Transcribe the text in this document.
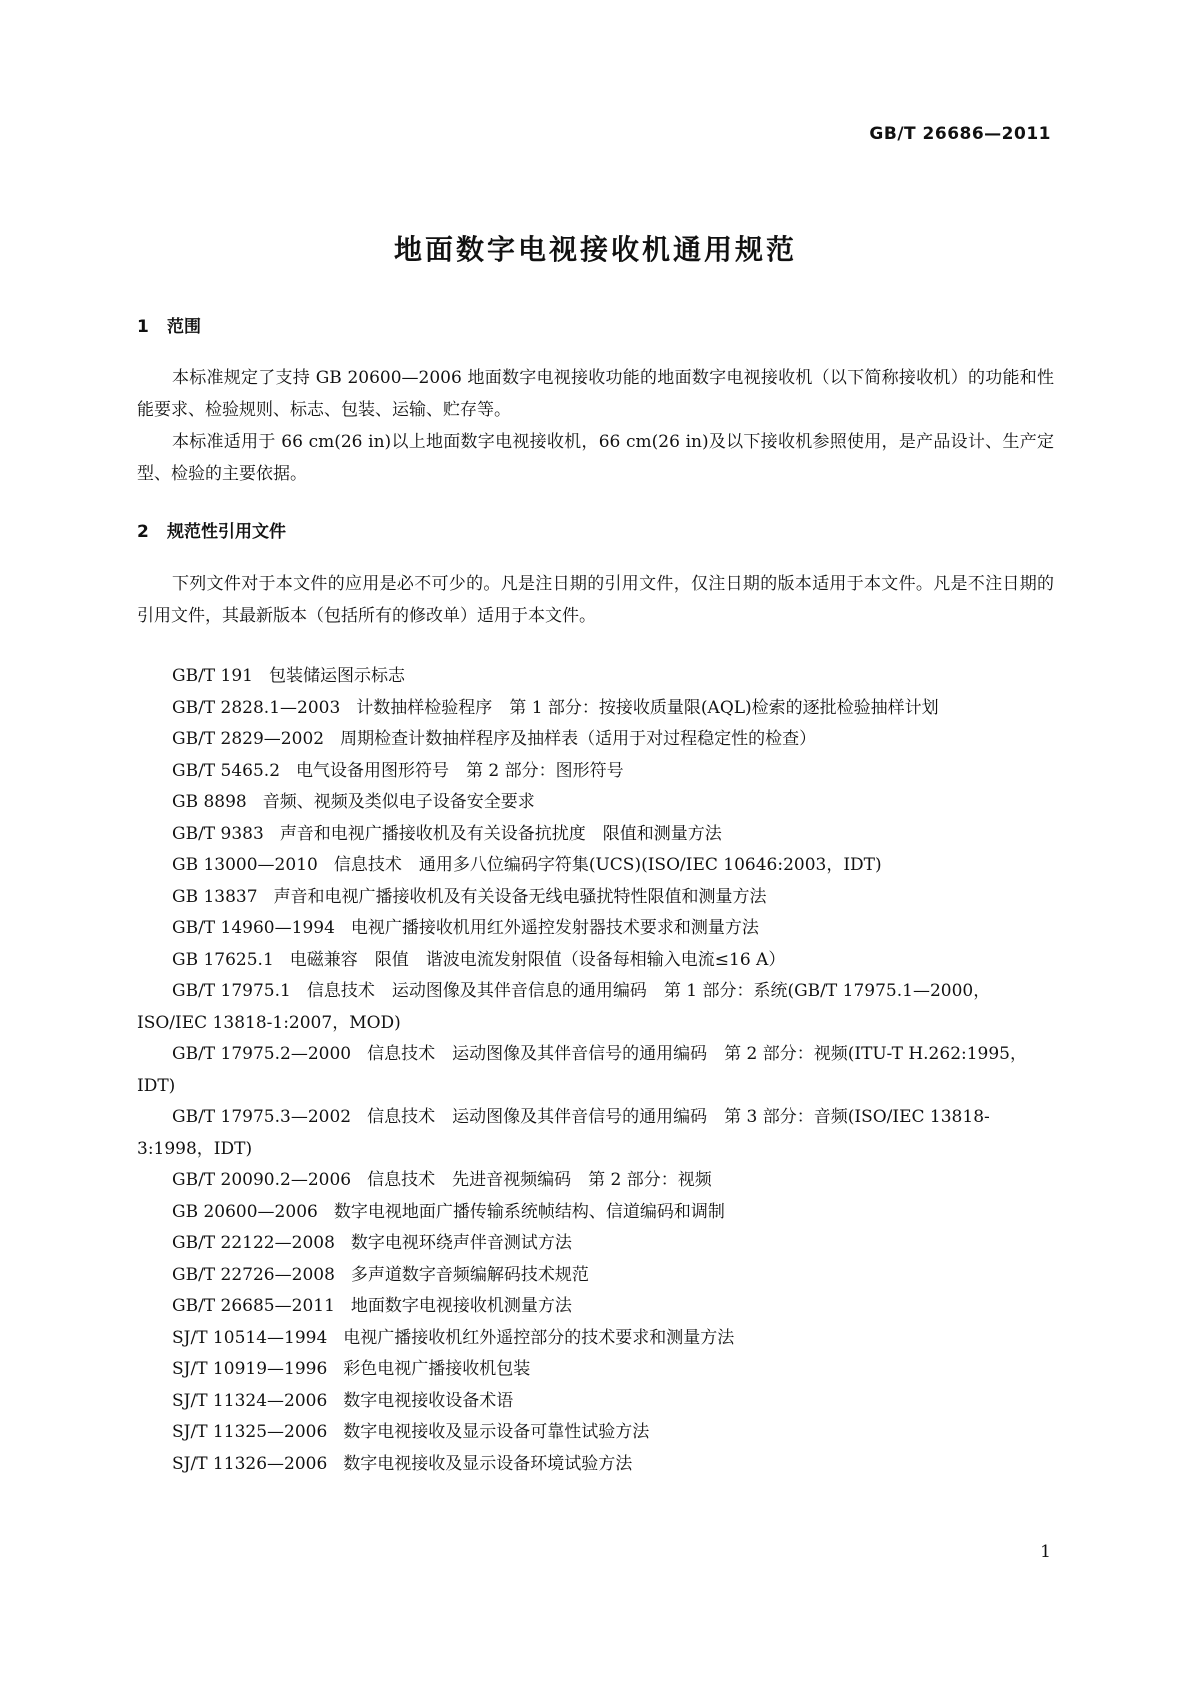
GB/T 26686—2011
地面数字电视接收机通用规范
1 范围

本标准规定了支持 GB 20600—2006 地面数字电视接收功能的地面数字电视接收机（以下简称接收机）的功能和性能要求、检验规则、标志、包装、运输、贮存等。

本标准适用于 66 cm(26 in)以上地面数字电视接收机，66 cm(26 in)及以下接收机参照使用，是产品设计、生产定型、检验的主要依据。

2 规范性引用文件

下列文件对于本文件的应用是必不可少的。凡是注日期的引用文件，仅注日期的版本适用于本文件。凡是不注日期的引用文件，其最新版本（包括所有的修改单）适用于本文件。

GB/T 191 包装储运图示标志
GB/T 2828.1—2003 计数抽样检验程序　第 1 部分：按接收质量限(AQL)检索的逐批检验抽样计划
GB/T 2829—2002 周期检查计数抽样程序及抽样表（适用于对过程稳定性的检查）
GB/T 5465.2 电气设备用图形符号　第 2 部分：图形符号
GB 8898 音频、视频及类似电子设备安全要求
GB/T 9383 声音和电视广播接收机及有关设备抗扰度　限值和测量方法
GB 13000—2010 信息技术　通用多八位编码字符集(UCS)(ISO/IEC 10646:2003，IDT)
GB 13837 声音和电视广播接收机及有关设备无线电骚扰特性限值和测量方法
GB/T 14960—1994 电视广播接收机用红外遥控发射器技术要求和测量方法
GB 17625.1 电磁兼容　限值　谐波电流发射限值（设备每相输入电流≤16 A）
GB/T 17975.1 信息技术　运动图像及其伴音信息的通用编码　第 1 部分：系统(GB/T 17975.1—2000，ISO/IEC 13818-1:2007，MOD)
GB/T 17975.2—2000 信息技术　运动图像及其伴音信号的通用编码　第 2 部分：视频(ITU-T H.262:1995，IDT)
GB/T 17975.3—2002 信息技术　运动图像及其伴音信号的通用编码　第 3 部分：音频(ISO/IEC 13818-3:1998，IDT)
GB/T 20090.2—2006 信息技术　先进音视频编码　第 2 部分：视频
GB 20600—2006 数字电视地面广播传输系统帧结构、信道编码和调制
GB/T 22122—2008 数字电视环绕声伴音测试方法
GB/T 22726—2008 多声道数字音频编解码技术规范
GB/T 26685—2011 地面数字电视接收机测量方法
SJ/T 10514—1994 电视广播接收机红外遥控部分的技术要求和测量方法
SJ/T 10919—1996 彩色电视广播接收机包装
SJ/T 11324—2006 数字电视接收设备术语
SJ/T 11325—2006 数字电视接收及显示设备可靠性试验方法
SJ/T 11326—2006 数字电视接收及显示设备环境试验方法
1
